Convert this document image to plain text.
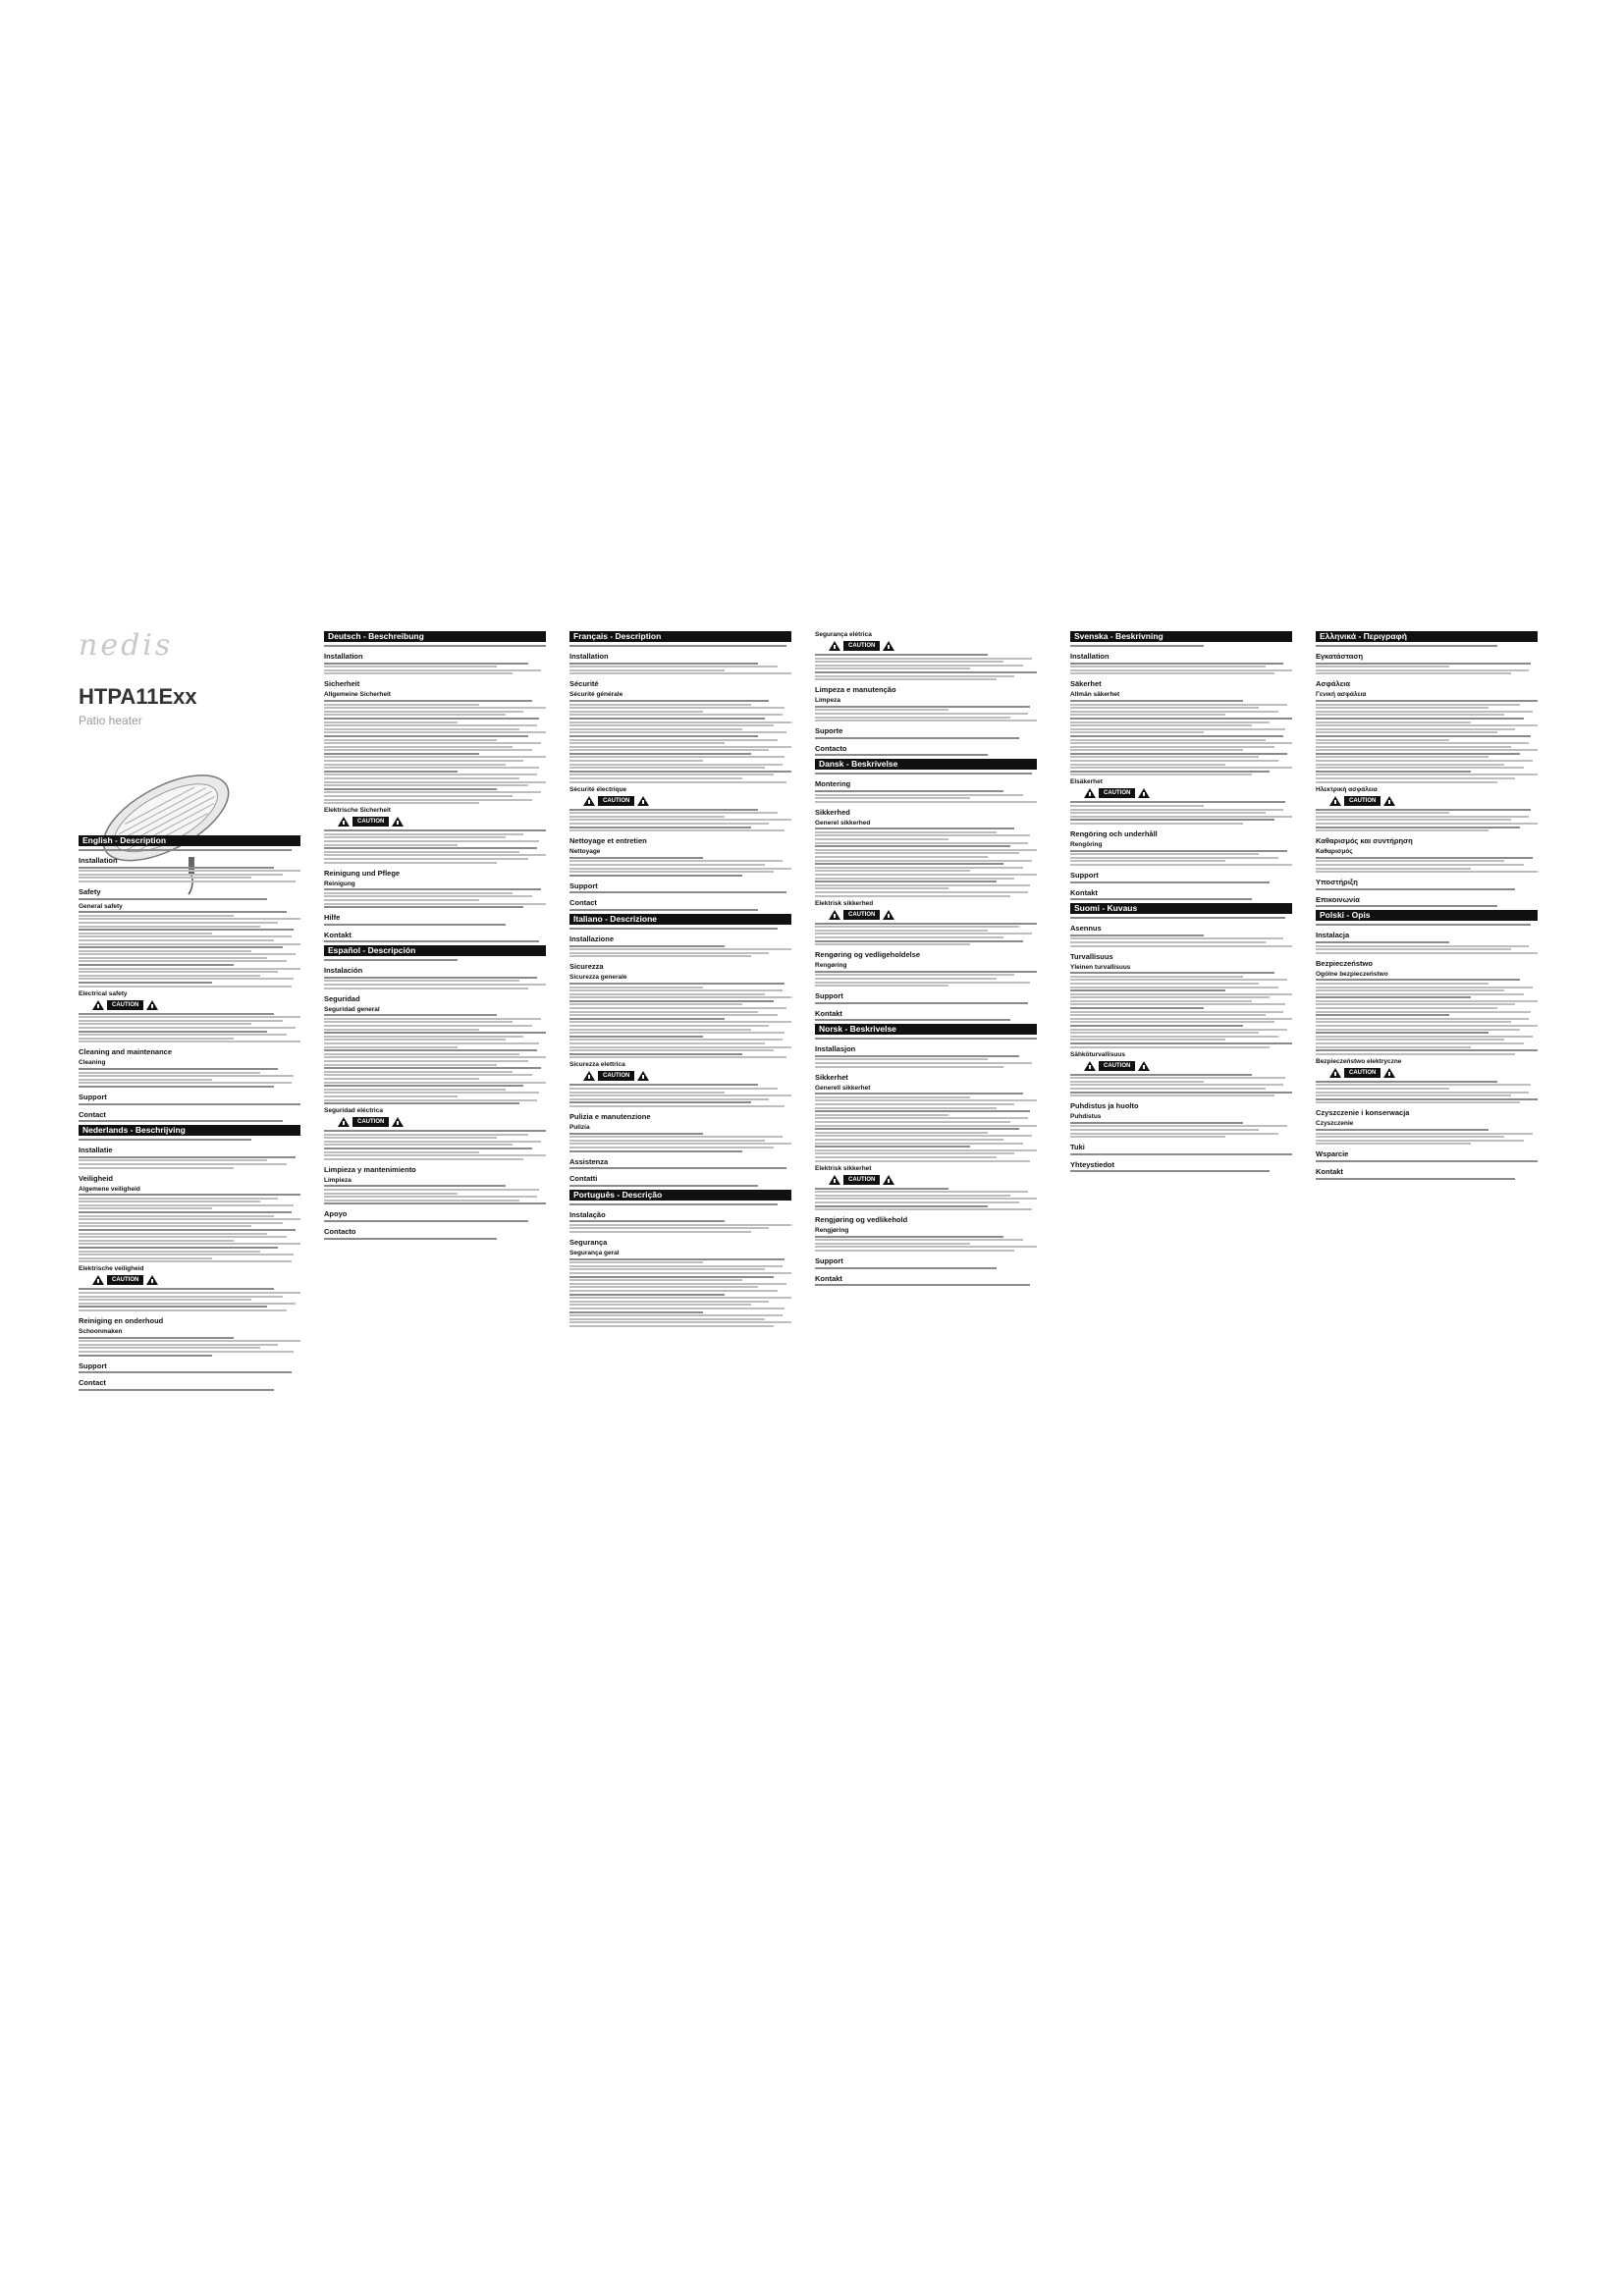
nedis
HTPA11Exx
Patio heater
English - Description
Installation
Safety
General safety
Electrical safety
CAUTION
Cleaning and maintenance
Cleaning
Support
Contact
Nederlands - Beschrijving
Installatie
Veiligheid
Algemene veiligheid
Elektrische veiligheid
CAUTION
Reiniging en onderhoud
Schoonmaken
Support
Contact
Deutsch - Beschreibung
Installation
Sicherheit
Allgemeine Sicherheit
Elektrische Sicherheit
CAUTION
Reinigung und Pflege
Reinigung
Hilfe
Kontakt
Español - Descripción
Instalación
Seguridad
Seguridad general
Seguridad eléctrica
CAUTION
Limpieza y mantenimiento
Limpieza
Apoyo
Contacto
Français - Description
Installation
Sécurité
Sécurité générale
Sécurité électrique
CAUTION
Nettoyage et entretien
Nettoyage
Support
Contact
Italiano - Descrizione
Installazione
Sicurezza
Sicurezza generale
Sicurezza elettrica
CAUTION
Pulizia e manutenzione
Pulizia
Assistenza
Contatti
Português - Descrição
Instalação
Segurança
Segurança geral
Segurança elétrica
CAUTION
Limpeza e manutenção
Limpeza
Suporte
Contacto
Dansk - Beskrivelse
Montering
Sikkerhed
Generel sikkerhed
Elektrisk sikkerhed
CAUTION
Rengøring og vedligeholdelse
Rengøring
Support
Kontakt
Norsk - Beskrivelse
Installasjon
Sikkerhet
Generell sikkerhet
Elektrisk sikkerhet
CAUTION
Rengjøring og vedlikehold
Rengjøring
Support
Kontakt
Svenska - Beskrivning
Installation
Säkerhet
Allmän säkerhet
Elsäkerhet
CAUTION
Rengöring och underhåll
Rengöring
Support
Kontakt
Suomi - Kuvaus
Asennus
Turvallisuus
Yleinen turvallisuus
Sähköturvallisuus
CAUTION
Puhdistus ja huolto
Puhdistus
Tuki
Yhteystiedot
Ελληνικά - Περιγραφή
Εγκατάσταση
Ασφάλεια
Γενική ασφάλεια
Ηλεκτρική ασφάλεια
CAUTION
Καθαρισμός και συντήρηση
Καθαρισμός
Υποστήριξη
Επικοινωνία
Polski - Opis
Instalacja
Bezpieczeństwo
Ogólne bezpieczeństwo
Bezpieczeństwo elektryczne
CAUTION
Czyszczenie i konserwacja
Czyszczenie
Wsparcie
Kontakt
